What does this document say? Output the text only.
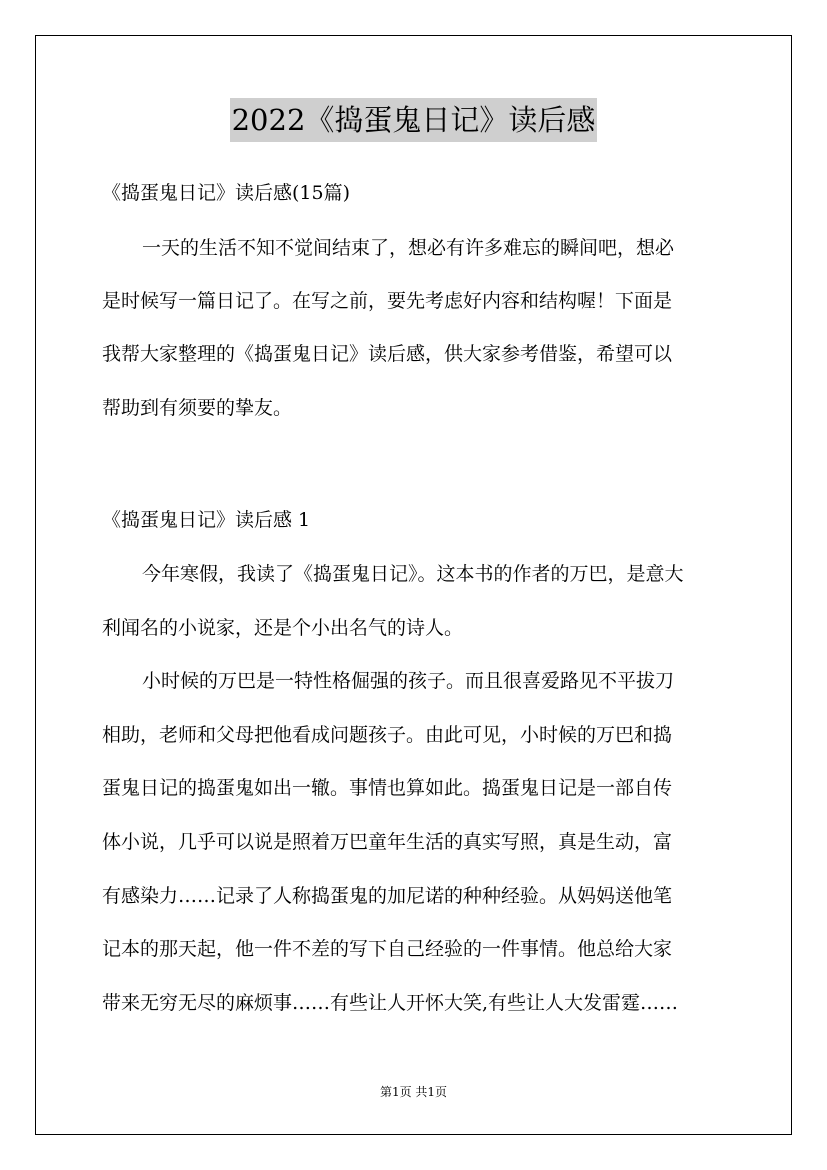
2022《捣蛋鬼日记》读后感
《捣蛋鬼日记》读后感(15篇)
一天的生活不知不觉间结束了，想必有许多难忘的瞬间吧，想必
是时候写一篇日记了。在写之前，要先考虑好内容和结构喔！下面是
我帮大家整理的《捣蛋鬼日记》读后感，供大家参考借鉴，希望可以
帮助到有须要的挚友。
《捣蛋鬼日记》读后感 1
今年寒假，我读了《捣蛋鬼日记》。这本书的作者的万巴，是意大
利闻名的小说家，还是个小出名气的诗人。
小时候的万巴是一特性格倔强的孩子。而且很喜爱路见不平拔刀
相助，老师和父母把他看成问题孩子。由此可见，小时候的万巴和捣
蛋鬼日记的捣蛋鬼如出一辙。事情也算如此。捣蛋鬼日记是一部自传
体小说，几乎可以说是照着万巴童年生活的真实写照，真是生动，富
有感染力……记录了人称捣蛋鬼的加尼诺的种种经验。从妈妈送他笔
记本的那天起，他一件不差的写下自己经验的一件事情。他总给大家
带来无穷无尽的麻烦事……有些让人开怀大笑,有些让人大发雷霆……
第1页 共1页
